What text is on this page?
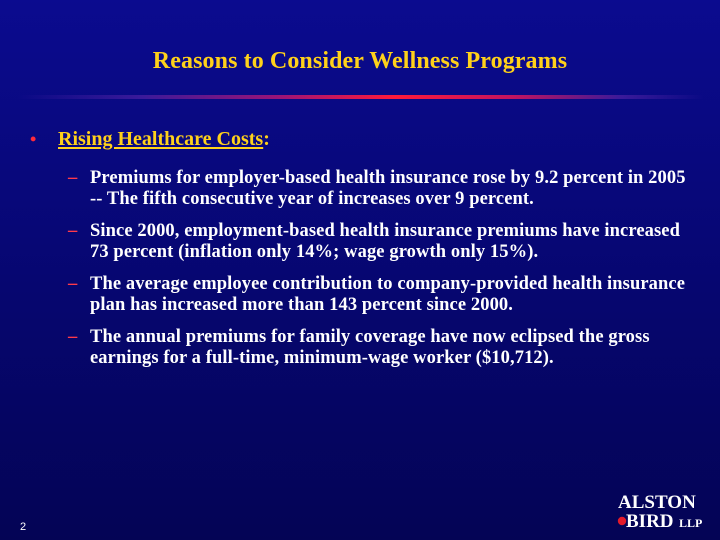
Reasons to Consider Wellness Programs
•	Rising Healthcare Costs:
– Premiums for employer-based health insurance rose by 9.2 percent in 2005 -- The fifth consecutive year of increases over 9 percent.
– Since 2000, employment-based health insurance premiums have increased 73 percent (inflation only 14%; wage growth only 15%).
– The average employee contribution to company-provided health insurance plan has increased more than 143 percent since 2000.
– The annual premiums for family coverage have now eclipsed the gross earnings for a full-time, minimum-wage worker ($10,712).
2
ALSTON
BIRD LLP
